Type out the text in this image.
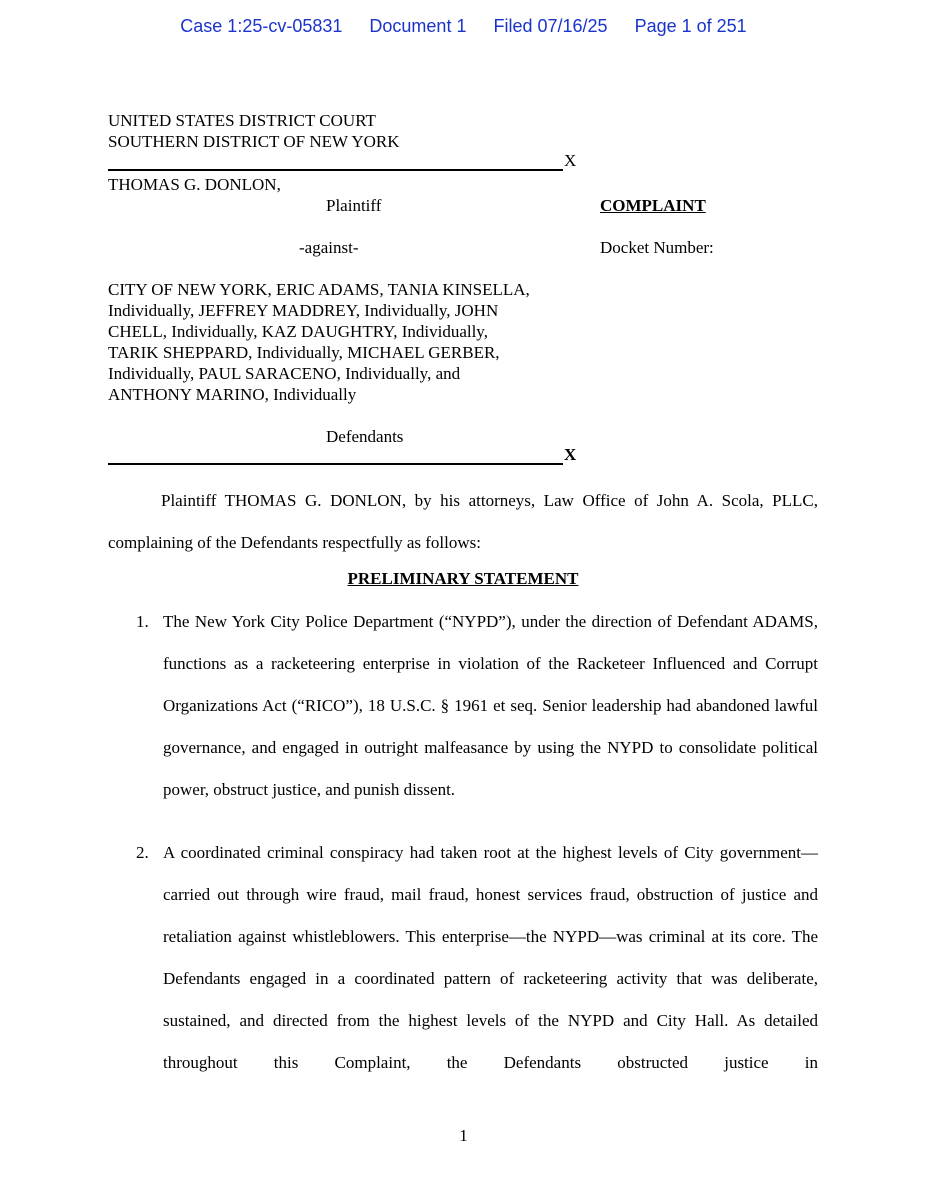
Case 1:25-cv-05831 Document 1 Filed 07/16/25 Page 1 of 251
UNITED STATES DISTRICT COURT
SOUTHERN DISTRICT OF NEW YORK
X
THOMAS G. DONLON,
Plaintiff	COMPLAINT
-against-	Docket Number:
CITY OF NEW YORK, ERIC ADAMS, TANIA KINSELLA,
Individually, JEFFREY MADDREY, Individually, JOHN
CHELL, Individually, KAZ DAUGHTRY, Individually,
TARIK SHEPPARD, Individually, MICHAEL GERBER,
Individually, PAUL SARACENO, Individually, and
ANTHONY MARINO, Individually
Defendants
X
Plaintiff THOMAS G. DONLON, by his attorneys, Law Office of John A. Scola, PLLC, complaining of the Defendants respectfully as follows:
PRELIMINARY STATEMENT
1. The New York City Police Department (“NYPD”), under the direction of Defendant ADAMS, functions as a racketeering enterprise in violation of the Racketeer Influenced and Corrupt Organizations Act (“RICO”), 18 U.S.C. § 1961 et seq. Senior leadership had abandoned lawful governance, and engaged in outright malfeasance by using the NYPD to consolidate political power, obstruct justice, and punish dissent.
2. A coordinated criminal conspiracy had taken root at the highest levels of City government—carried out through wire fraud, mail fraud, honest services fraud, obstruction of justice and retaliation against whistleblowers. This enterprise—the NYPD—was criminal at its core. The Defendants engaged in a coordinated pattern of racketeering activity that was deliberate, sustained, and directed from the highest levels of the NYPD and City Hall. As detailed throughout this Complaint, the Defendants obstructed justice in
1
